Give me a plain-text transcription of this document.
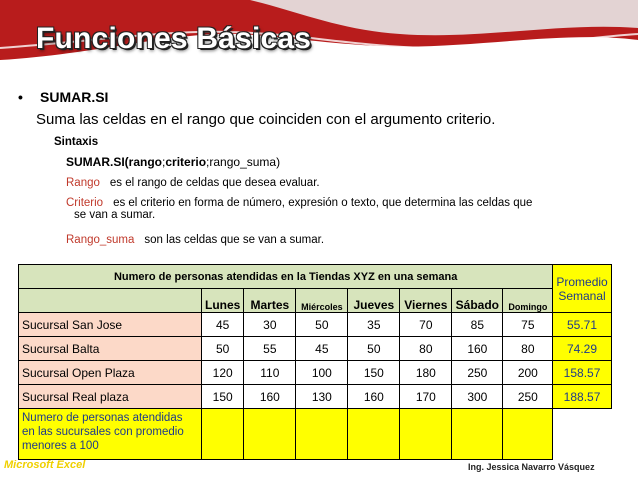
Funciones Básicas
• SUMAR.SI
Suma las celdas en el rango que coinciden con el argumento criterio.
Sintaxis
SUMAR.SI(rango;criterio;rango_suma)
Rango es el rango de celdas que desea evaluar.
Criterio es el criterio en forma de número, expresión o texto, que determina las celdas que
se van a sumar.
Rango_suma son las celdas que se van a sumar.
Numero de personas atendidas en la Tiendas XYZ en una semana								Promedio
Semanal

	Lunes	Martes	Miércoles	Jueves	Viernes	Sábado	Domingo	
Sucursal San Jose	45	30	50	35	70	85	75	55.71
Sucursal Balta	50	55	45	50	80	160	80	74.29
Sucursal Open Plaza	120	110	100	150	180	250	200	158.57
Sucursal Real plaza	150	160	130	160	170	300	250	188.57
Numero de personas atendidas en las sucursales con promedio menores a 100								
Microsoft Excel	Ing. Jessica Navarro Vásquez
